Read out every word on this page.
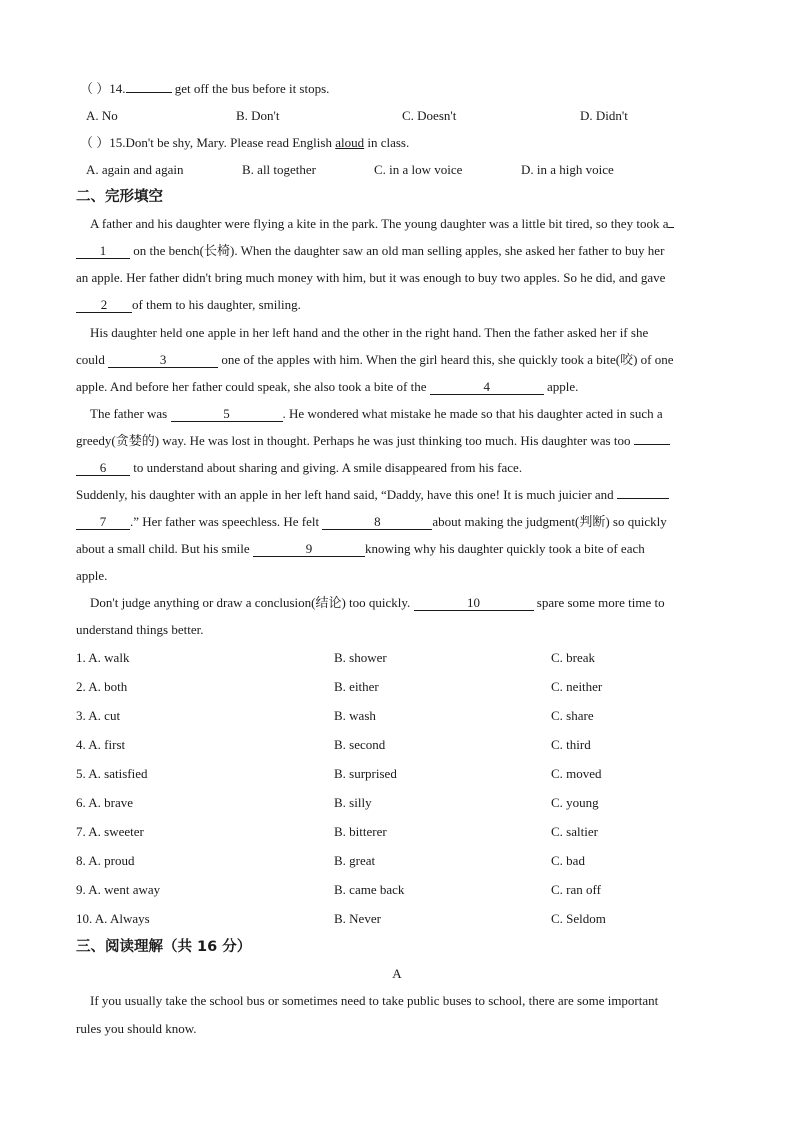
（ ）14.	get off the bus before it stops.
A. No	B. Don't	C. Doesn't	D. Didn't
（ ）15.Don't be shy, Mary. Please read English aloud in class.
A. again and again	B. all together	C. in a low voice	D. in a high voice
二、完形填空
A father and his daughter were flying a kite in the park. The young daughter was a little bit tired, so they took a
1 on the bench(长椅). When the daughter saw an old man selling apples, she asked her father to buy her
an apple. Her father didn't bring much money with him, but it was enough to buy two apples. So he did, and gave
2 of them to his daughter, smiling.
His daughter held one apple in her left hand and the other in the right hand. Then the father asked her if she
could	3	one of the apples with him. When the girl heard this, she quickly took a bite(咬) of one
apple. And before her father could speak, she also took a bite of the	4	apple.
The father was	5	. He wondered what mistake he made so that his daughter acted in such a
greedy(贪婪的) way. He was lost in thought. Perhaps he was just thinking too much. His daughter was too
6 to understand about sharing and giving. A smile disappeared from his face.
Suddenly, his daughter with an apple in her left hand said, “Daddy, have this one! It is much juicier and
7 .” Her father was speechless. He felt	8	about making the judgment(判断) so quickly
about a small child. But his smile	9	knowing why his daughter quickly took a bite of each
apple.
Don't judge anything or draw a conclusion(结论) too quickly.	10	spare some more time to
understand things better.
1. A. walk	B. shower	C. break
2. A. both	B. either	C. neither
3. A. cut	B. wash	C. share
4. A. first	B. second	C. third
5. A. satisfied	B. surprised	C. moved
6. A. brave	B. silly	C. young
7. A. sweeter	B. bitterer	C. saltier
8. A. proud	B. great	C. bad
9. A. went away	B. came back	C. ran off
10. A. Always	B. Never	C. Seldom
三、阅读理解（共 16 分）
A
If you usually take the school bus or sometimes need to take public buses to school, there are some important
rules you should know.
